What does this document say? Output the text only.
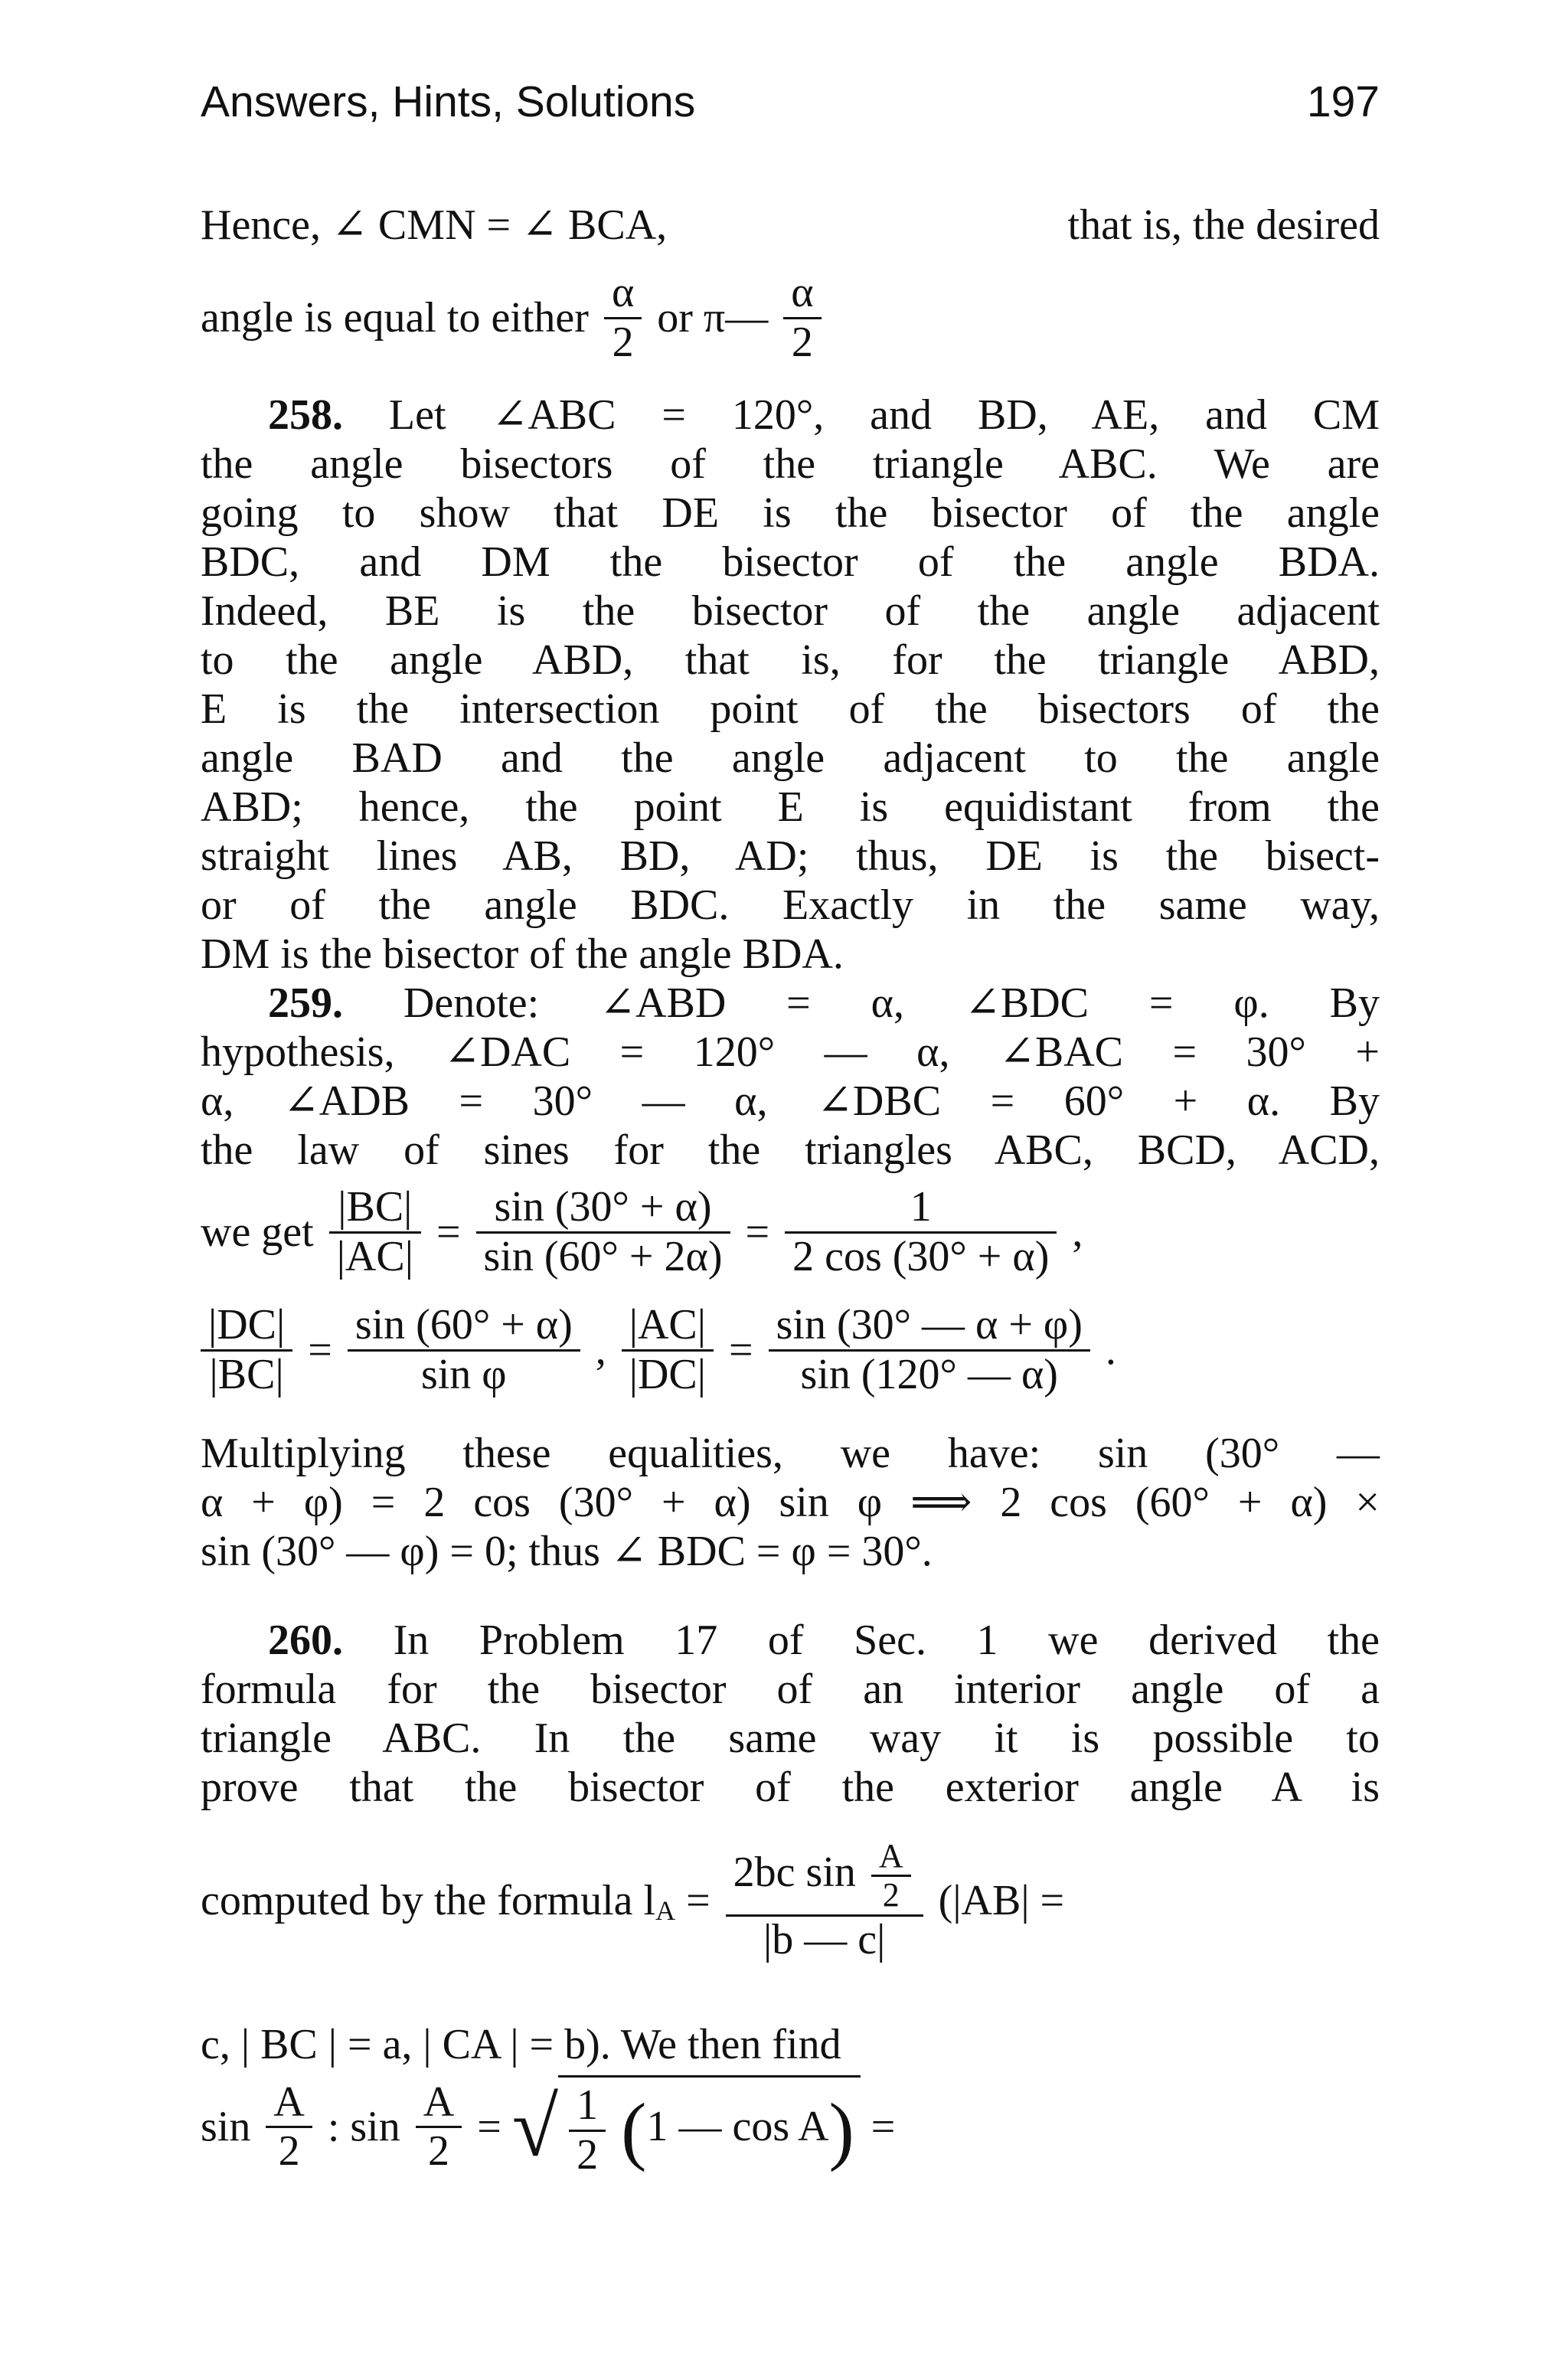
Answers, Hints, Solutions	197
Hence, ∠ CMN = ∠ BCA,	that is, the desired
angle is equal to either $\frac{\alpha}{2}$ or π— $\frac{\alpha}{2}$
258. Let ∠ABC = 120°, and BD, AE, and CM
the angle bisectors of the triangle ABC. We are
going to show that DE is the bisector of the angle
BDC, and DM the bisector of the angle BDA.
Indeed, BE is the bisector of the angle adjacent
to the angle ABD, that is, for the triangle ABD,
E is the intersection point of the bisectors of the
angle BAD and the angle adjacent to the angle
ABD; hence, the point E is equidistant from the
straight lines AB, BD, AD; thus, DE is the bisect-
or of the angle BDC. Exactly in the same way,
DM is the bisector of the angle BDA.
259. Denote: ∠ABD = α, ∠BDC = φ. By
hypothesis, ∠DAC = 120° — α, ∠BAC = 30° +
α, ∠ADB = 30° — α, ∠DBC = 60° + α. By
the law of sines for the triangles ABC, BCD, ACD,
we get $\frac{|BC|}{|AC|} = \frac{\sin (30^\circ + \alpha)}{\sin (60^\circ + 2\alpha)} = \frac{1}{2 \cos (30^\circ + \alpha)}$ ,
$\frac{|DC|}{|BC|} = \frac{\sin (60^\circ + \alpha)}{\text{sin φ}}$ , $\frac{|AC|}{|DC|} = \frac{\sin (30^\circ — \alpha + \varphi)}{\sin (120^\circ — \alpha)}$ .
Multiplying these equalities, we have: sin (30° —
α + φ) = 2 cos (30° + α) sin φ ⟹ 2 cos (60° + α) ×
sin (30° — φ) = 0; thus ∠ BDC = φ = 30°.
260. In Problem 17 of Sec. 1 we derived the
formula for the bisector of an interior angle of a
triangle ABC. In the same way it is possible to
prove that the bisector of the exterior angle A is
computed by the formula $l_A = \frac{2bc \sin \frac{A}{2}}{|b — c|} (|AB|$ =
c, | BC | = a, | CA | = b). We then find
$\sin \frac{A}{2}$ : $\sin \frac{A}{2}$ = √ $\frac{1}{2} (1$ — cos A) =
